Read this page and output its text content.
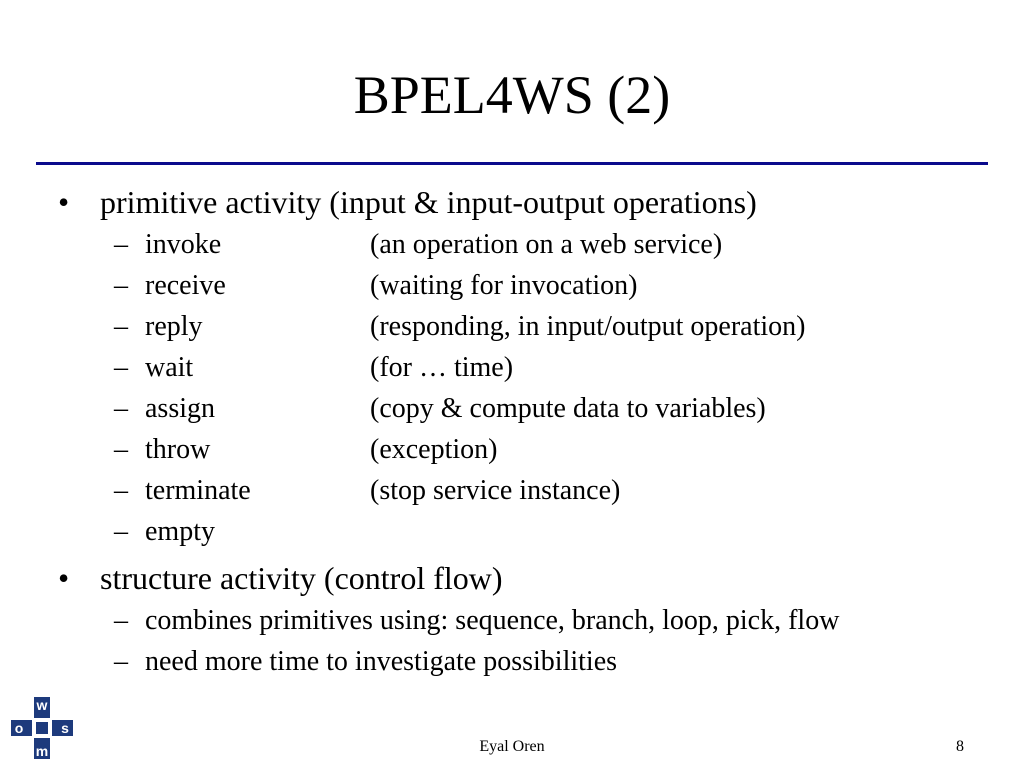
BPEL4WS (2)
• primitive activity (input & input-output operations)
– invoke	(an operation on a web service)
– receive	(waiting for invocation)
– reply	(responding, in input/output operation)
– wait	(for … time)
– assign	(copy & compute data to variables)
– throw	(exception)
– terminate	(stop service instance)
– empty
• structure activity (control flow)
– combines primitives using: sequence, branch, loop, pick, flow
– need more time to investigate possibilities
w
o	s
m	Eyal Oren	8
